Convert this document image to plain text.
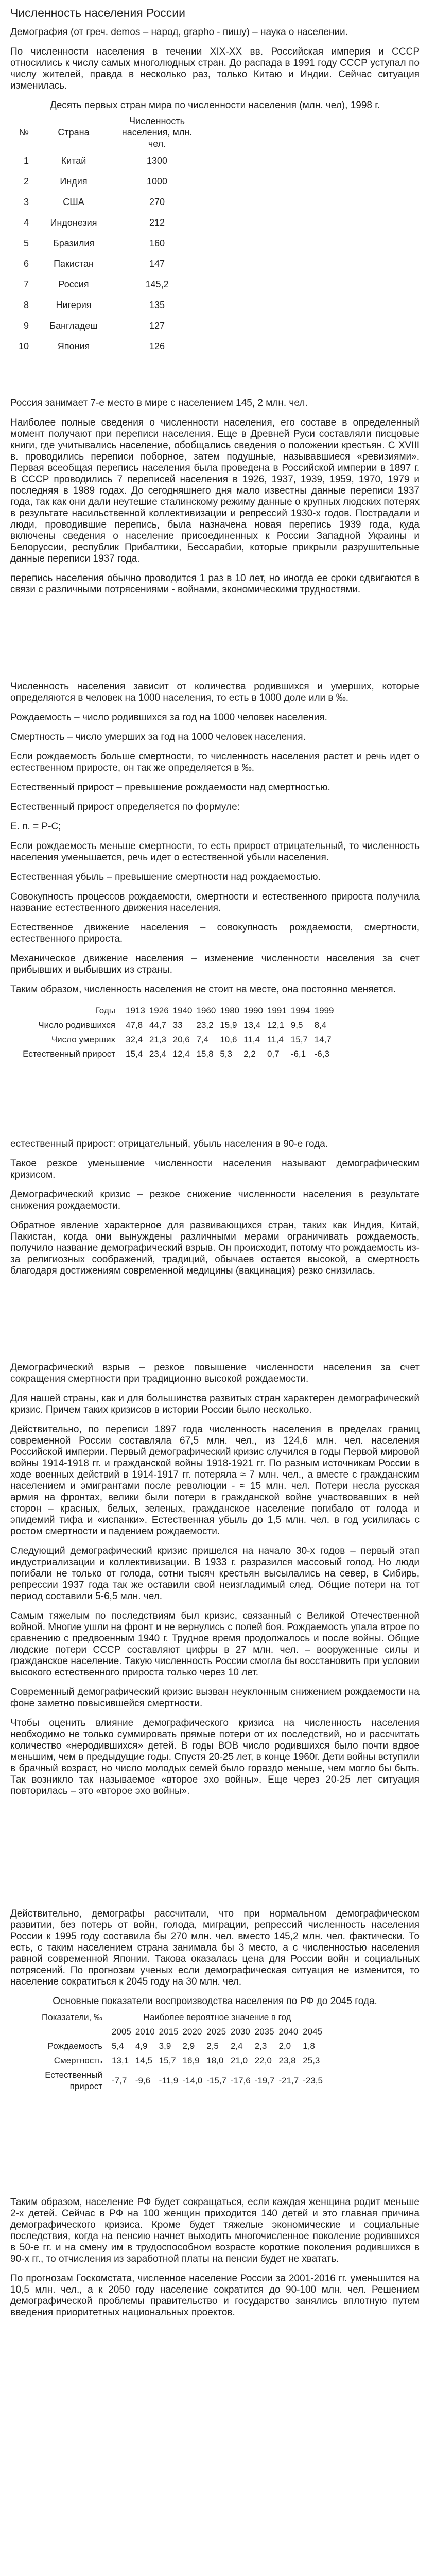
Численность населения России

Демография (от греч. demos – народ, grapho - пишу) – наука о населении.

По численности населения в течении XIX-XX вв. Российская империя и СССР относились к числу самых многолюдных стран. До распада в 1991 году СССР уступал по числу жителей, правда в несколько раз, только Китаю и Индии. Сейчас ситуация изменилась.

Десять первых стран мира по численности населения (млн. чел), 1998 г.
№	Страна	Численность населения, млн. чел.
1	Китай	1300
2	Индия	1000
3	США	270
4	Индонезия	212
5	Бразилия	160
6	Пакистан	147
7	Россия	145,2
8	Нигерия	135
9	Бангладеш	127
10	Япония	126

Россия занимает 7-е место в мире с населением 145, 2 млн. чел.

Наиболее полные сведения о численности населения, его составе в определенный момент получают при переписи населения. Еще в Древней Руси составляли писцовые книги, где учитывались население, обобщались сведения о положении крестьян. С XVIII в. проводились переписи поборное, затем подушные, называвшиеся «ревизиями». Первая всеобщая перепись населения была проведена в Российской империи в 1897 г. В СССР проводились 7 переписей населения в 1926, 1937, 1939, 1959, 1970, 1979 и последняя в 1989 годах. До сегодняшнего дня мало известны данные переписи 1937 года, так как они дали неутешие сталинскому режиму данные о крупных людских потерях в результате насильственной коллективизации и репрессий 1930-х годов. Пострадали и люди, проводившие перепись, была назначена новая перепись 1939 года, куда включены сведения о население присоединенных к России Западной Украины и Белоруссии, республик Прибалтики, Бессарабии, которые прикрыли разрушительные данные переписи 1937 года.

перепись населения обычно проводится 1 раз в 10 лет, но иногда ее сроки сдвигаются в связи с различными потрясениями - войнами, экономическими трудностями.

Численность населения зависит от количества родившихся и умерших, которые определяются в человек на 1000 населения, то есть в 1000 доле или в ‰.

Рождаемость – число родившихся за год на 1000 человек населения.

Смертность – число умерших за год на 1000 человек населения.

Если рождаемость больше смертности, то численность населения растет и речь идет о естественном приросте, он так же определяется в ‰.

Естественный прирост – превышение рождаемости над смертностью.

Естественный прирост определяется по формуле:

Е. п. = Р-С;

Если рождаемость меньше смертности, то есть прирост отрицательный, то численность населения уменьшается, речь идет о естественной убыли населения.

Естественная убыль – превышение смертности над рождаемостью.

Совокупность процессов рождаемости, смертности и естественного прироста получила название естественного движения населения.

Естественное движение населения – совокупность рождаемости, смертности, естественного прироста.

Механическое движение населения – изменение численности населения за счет прибывших и выбывших из страны.

Таким образом, численность населения не стоит на месте, она постоянно меняется.

Годы	1913	1926	1940	1960	1980	1990	1991	1994	1999
Число родившихся	47,8	44,7	33	23,2	15,9	13,4	12,1	9,5	8,4
Число умерших	32,4	21,3	20,6	7,4	10,6	11,4	11,4	15,7	14,7
Естественный прирост	15,4	23,4	12,4	15,8	5,3	2,2	0,7	-6,1	-6,3

естественный прирост: отрицательный, убыль населения в 90-е года.

Такое резкое уменьшение численности населения называют демографическим кризисом.

Демографический кризис – резкое снижение численности населения в результате снижения рождаемости.

Обратное явление характерное для развивающихся стран, таких как Индия, Китай, Пакистан, когда они вынуждены различными мерами ограничивать рождаемость, получило название демографический взрыв. Он происходит, потому что рождаемость из-за религиозных соображений, традиций, обычаев остается высокой, а смертность благодаря достижениям современной медицины (вакцинация) резко снизилась.

Демографический взрыв – резкое повышение численности населения за счет сокращения смертности при традиционно высокой рождаемости.

Для нашей страны, как и для большинства развитых стран характерен демографический кризис. Причем таких кризисов в истории России было несколько.

Действительно, по переписи 1897 года численность населения в пределах границ современной России составляла 67,5 млн. чел., из 124,6 млн. чел. населения Российской империи. Первый демографический кризис случился в годы Первой мировой войны 1914-1918 гг. и гражданской войны 1918-1921 гг. По разным источникам России в ходе военных действий в 1914-1917 гг. потеряла ≈ 7 млн. чел., а вместе с гражданским населением и эмигрантами после революции - ≈ 15 млн. чел. Потери несла русская армия на фронтах, велики были потери в гражданской войне участвовавших в ней сторон – красных, белых, зеленых, гражданское население погибало от голода и эпидемий тифа и «испанки». Естественная убыль до 1,5 млн. чел. в год усилилась с ростом смертности и падением рождаемости.

Следующий демографический кризис пришелся на начало 30-х годов – первый этап индустриализации и коллективизации. В 1933 г. разразился массовый голод. Но люди погибали не только от голода, сотни тысяч крестьян высылались на север, в Сибирь, репрессии 1937 года так же оставили свой неизгладимый след. Общие потери на тот период составили 5-6,5 млн. чел.

Самым тяжелым по последствиям был кризис, связанный с Великой Отечественной войной. Многие ушли на фронт и не вернулись с полей боя. Рождаемость упала втрое по сравнению с предвоенным 1940 г. Трудное время продолжалось и после войны. Общие людские потери СССР составляют цифры в 27 млн. чел. – вооруженные силы и гражданское население. Такую численность России смогла бы восстановить при условии высокого естественного прироста только через 10 лет.

Современный демографический кризис вызван неуклонным снижением рождаемости на фоне заметно повысившейся смертности.

Чтобы оценить влияние демографического кризиса на численность населения необходимо не только суммировать прямые потери от их последствий, но и рассчитать количество «неродившихся» детей. В годы ВОВ число родившихся было почти вдвое меньшим, чем в предыдущие годы. Спустя 20-25 лет, в конце 1960г. Дети войны вступили в брачный возраст, но число молодых семей было гораздо меньше, чем могло бы быть. Так возникло так называемое «второе эхо войны». Еще через 20-25 лет ситуация повторилась – это «второе эхо войны».

Действительно, демографы рассчитали, что при нормальном демографическом развитии, без потерь от войн, голода, миграции, репрессий численность населения России к 1995 году составила бы 270 млн. чел. вместо 145,2 млн. чел. фактически. То есть, с таким населением страна занимала бы 3 место, а с численностью населения равной современной Японии. Такова оказалась цена для России войн и социальных потрясений. По прогнозам ученых если демографическая ситуация не изменится, то население сократиться к 2045 году на 30 млн. чел.

Основные показатели воспроизводства населения по РФ до 2045 года.
Показатели, ‰	Наиболее вероятное значение в год								
	2005	2010	2015	2020	2025	2030	2035	2040	2045
Рождаемость	5,4	4,9	3,9	2,9	2,5	2,4	2,3	2,0	1,8
Смертность	13,1	14,5	15,7	16,9	18,0	21,0	22,0	23,8	25,3
Естественный прирост	-7,7	-9,6	-11,9	-14,0	-15,7	-17,6	-19,7	-21,7	-23,5

Таким образом, население РФ будет сокращаться, если каждая женщина родит меньше 2-х детей. Сейчас в РФ на 100 женщин приходится 140 детей и это главная причина демографического кризиса. Кроме будет тяжелые экономические и социальные последствия, когда на пенсию начнет выходить многочисленное поколение родившихся в 50-е гг. и на смену им в трудоспособном возрасте короткие поколения родившихся в 90-х гг., то отчисления из заработной платы на пенсии будет не хватать.

По прогнозам Госкомстата, численное население России за 2001-2016 гг. уменьшится на 10,5 млн. чел., а к 2050 году население сократится до 90-100 млн. чел. Решением демографической проблемы правительство и государство занялись вплотную путем введения приоритетных национальных проектов.
